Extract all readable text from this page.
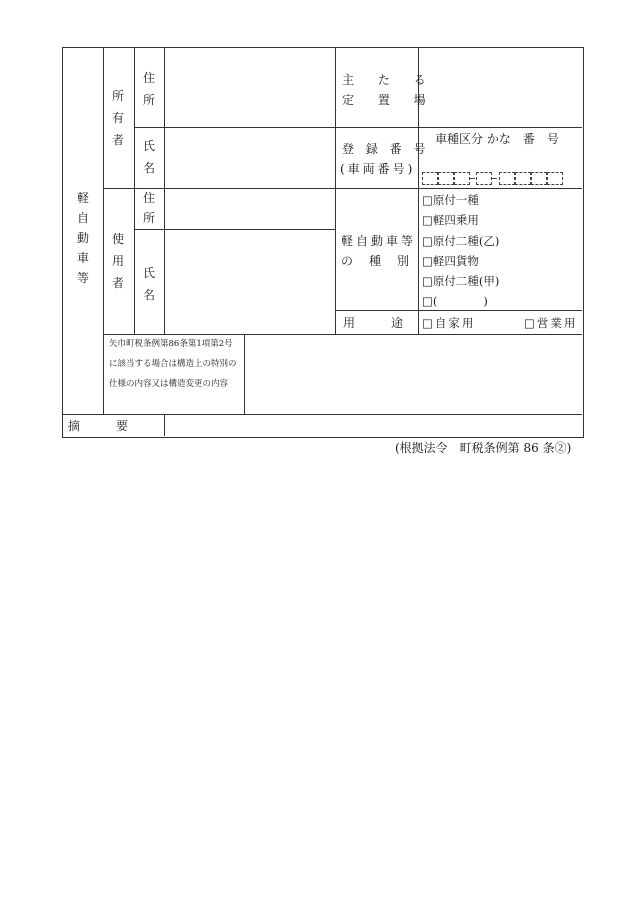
軽自動車等
所有者
使用者
住所
氏名
住所
氏名
主 た る
定 置 場
登 録 番 号
(車両番号)
車種区分 かな　番　号
軽自動車等
の　種　別
□原付一種
□軽四乗用
□原付二種(乙)
□軽四貨物
□原付二種(甲)
□(　　　　)
用　　　途 □自家用	□営業用
矢巾町税条例第86条第1項第2号に該当する場合は構造上の特別の仕様の内容又は構造変更の内容
摘　　　要
(根拠法令　町税条例第 86 条②)
